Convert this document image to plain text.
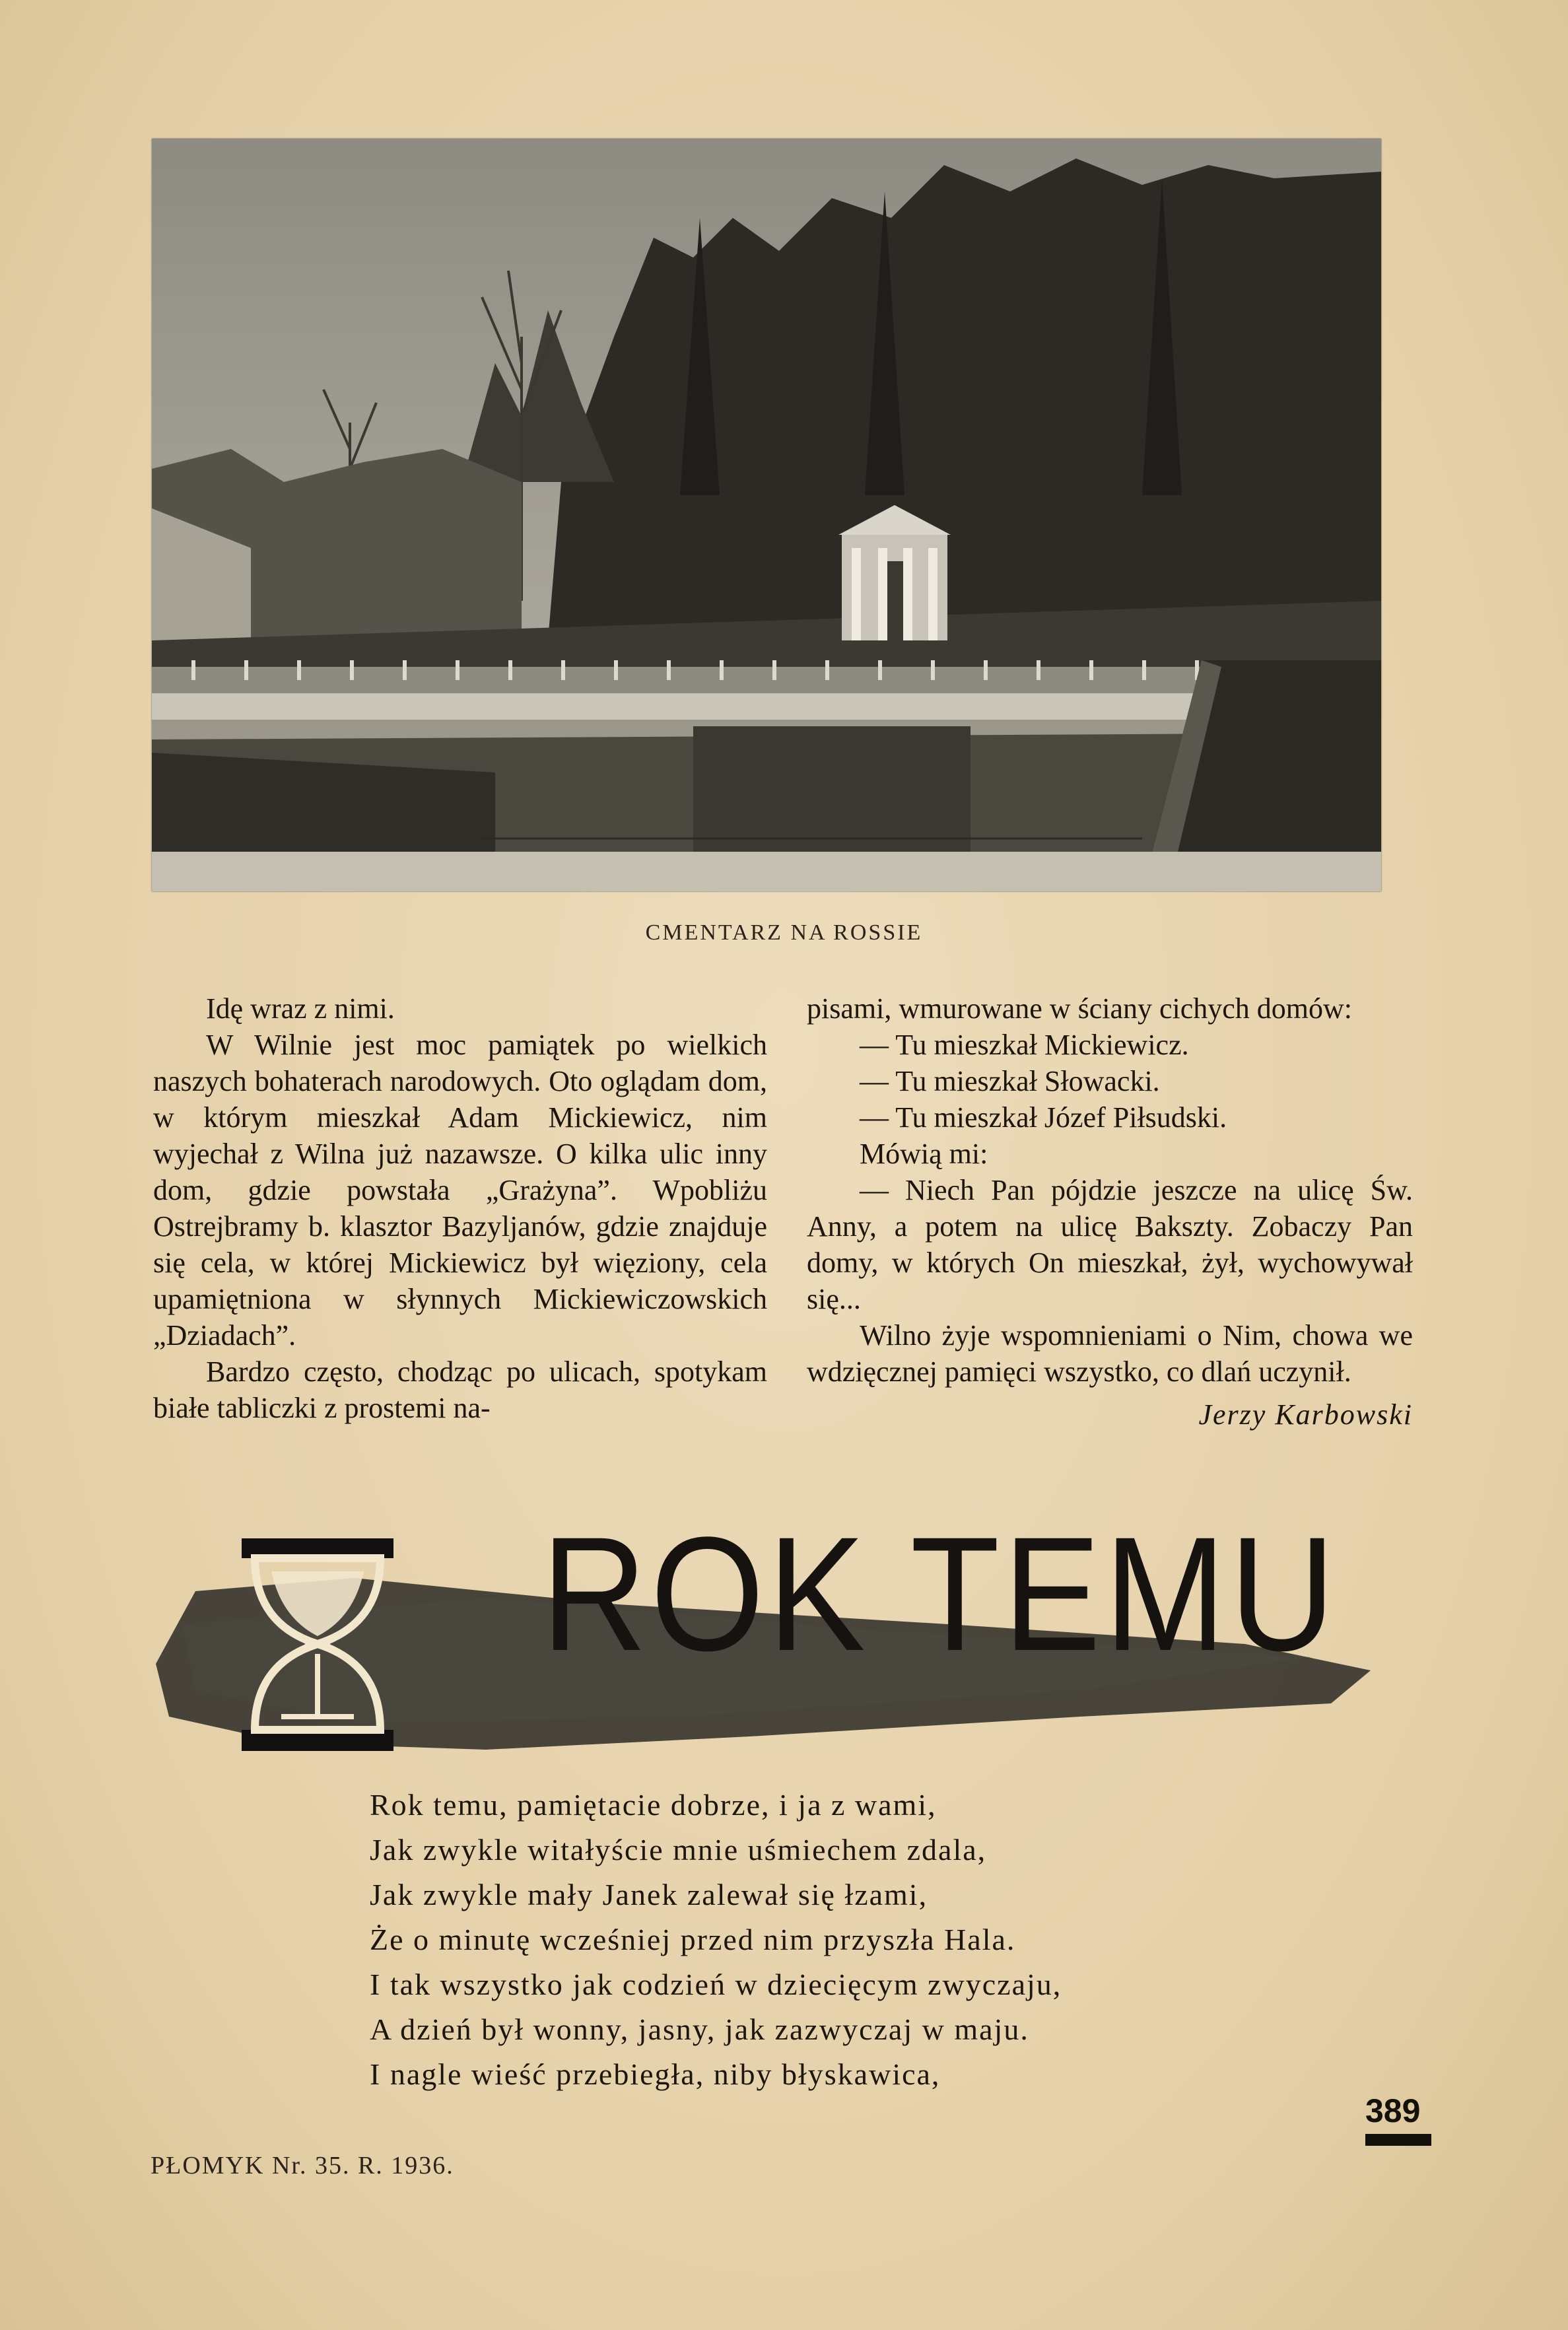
CMENTARZ NA ROSSIE

Idę wraz z nimi.

W Wilnie jest moc pamiątek po wielkich naszych bohaterach narodowych. Oto oglądam dom, w którym mieszkał Adam Mickiewicz, nim wyjechał z Wilna już nazawsze. O kilka ulic inny dom, gdzie powstała „Grażyna”. Wpobliżu Ostrejbramy b. klasztor Bazyljanów, gdzie znajduje się cela, w której Mickiewicz był więziony, cela upamiętniona w słynnych Mickiewiczowskich „Dziadach”.

Bardzo często, chodząc po ulicach, spotykam białe tabliczki z prostemi na-

pisami, wmurowane w ściany cichych domów:

— Tu mieszkał Mickiewicz.

— Tu mieszkał Słowacki.

— Tu mieszkał Józef Piłsudski.

Mówią mi:

— Niech Pan pójdzie jeszcze na ulicę Św. Anny, a potem na ulicę Bakszty. Zobaczy Pan domy, w których On mieszkał, żył, wychowywał się...

Wilno żyje wspomnieniami o Nim, chowa we wdzięcznej pamięci wszystko, co dlań uczynił.

Jerzy Karbowski

ROK TEMU

Rok temu, pamiętacie dobrze, i ja z wami,

Jak zwykle witałyście mnie uśmiechem zdala,

Jak zwykle mały Janek zalewał się łzami,

Że o minutę wcześniej przed nim przyszła Hala.

I tak wszystko jak codzień w dziecięcym zwyczaju,

A dzień był wonny, jasny, jak zazwyczaj w maju.

I nagle wieść przebiegła, niby błyskawica,

389
PŁOMYK Nr. 35. R. 1936.
